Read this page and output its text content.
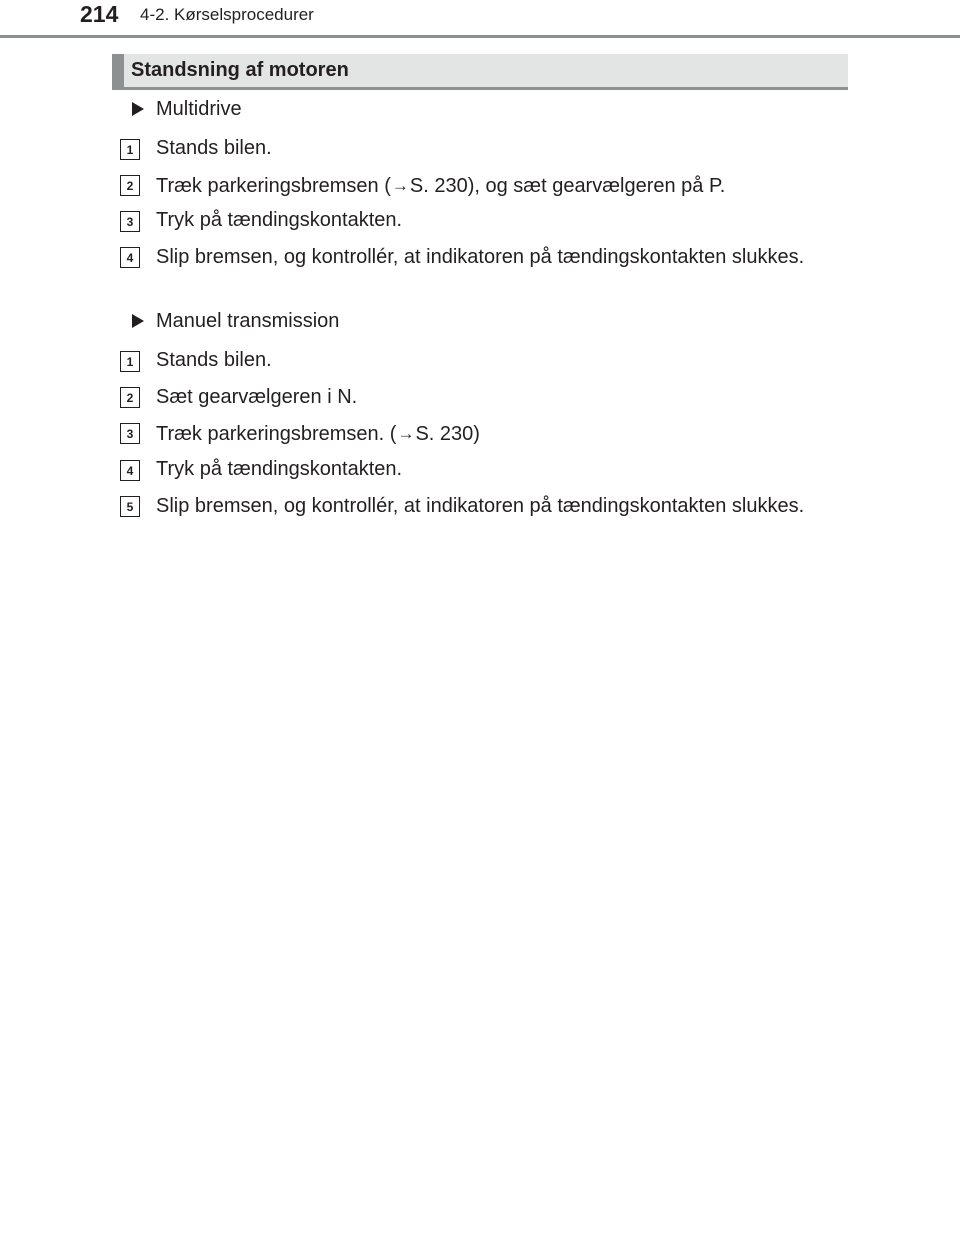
214 4-2. Kørselsprocedurer
Standsning af motoren
Multidrive
1	Stands bilen.
2	Træk parkeringsbremsen (→S. 230), og sæt gearvælgeren på P.
3	Tryk på tændingskontakten.
4	Slip bremsen, og kontrollér, at indikatoren på tændingskontakten slukkes.
Manuel transmission
1	Stands bilen.
2	Sæt gearvælgeren i N.
3	Træk parkeringsbremsen. (→S. 230)
4	Tryk på tændingskontakten.
5	Slip bremsen, og kontrollér, at indikatoren på tændingskontakten slukkes.
